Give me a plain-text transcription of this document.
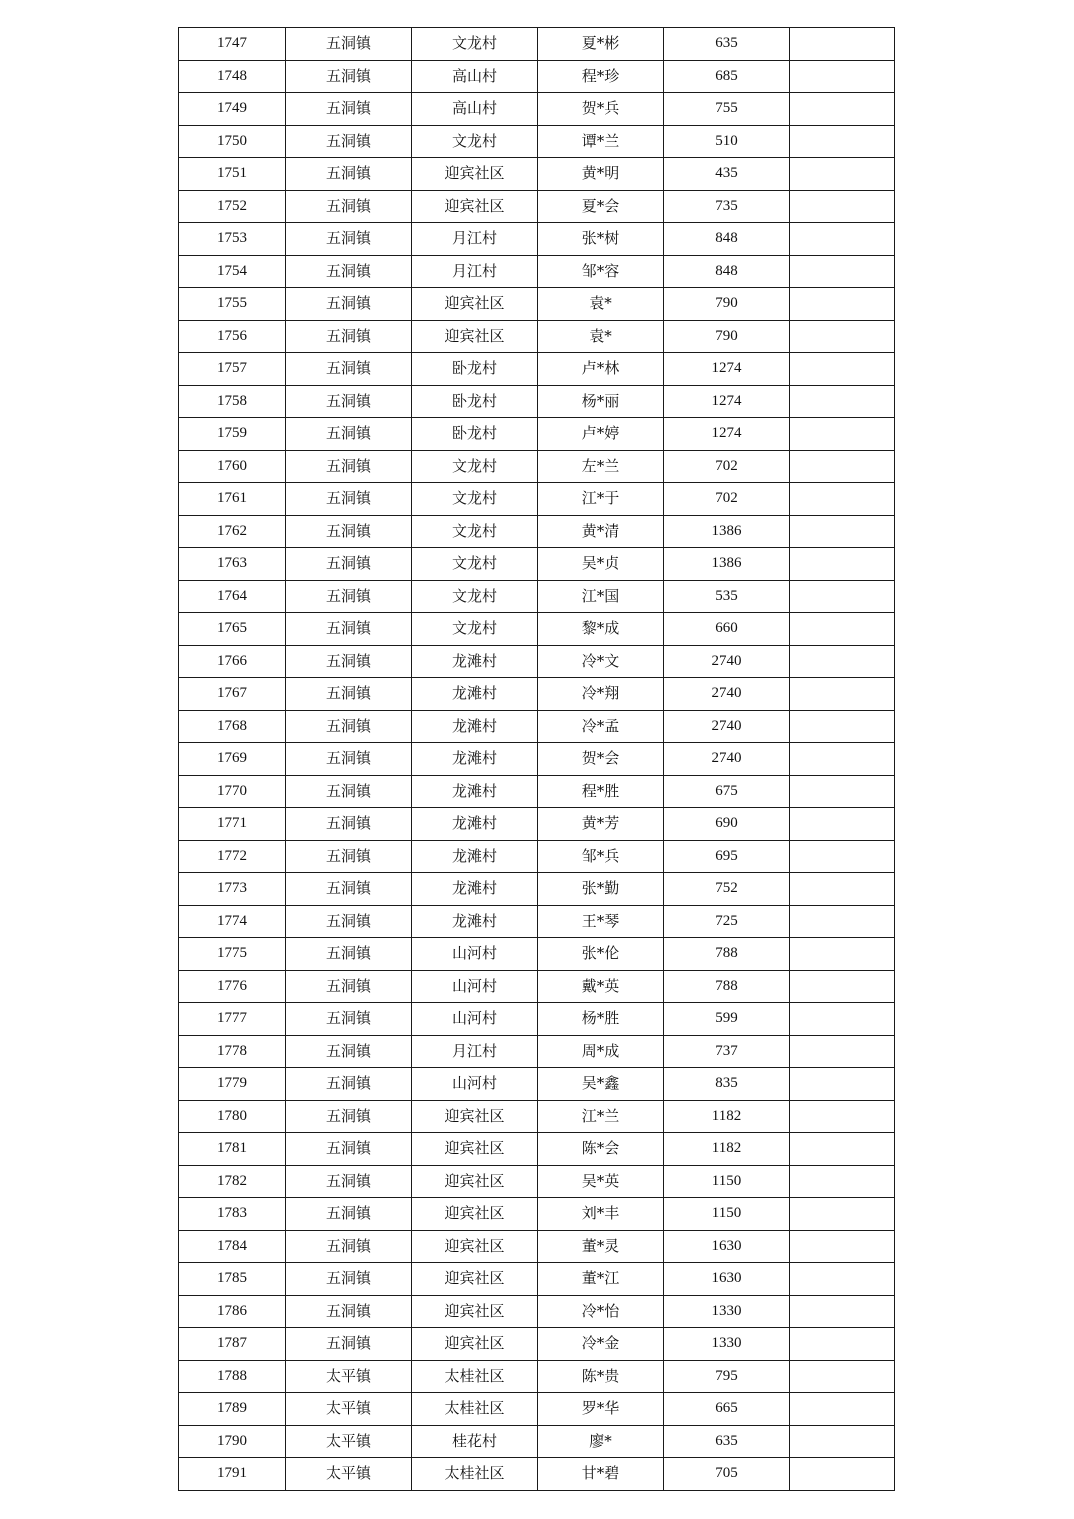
1747	五洞镇	文龙村	夏*彬	635	
1748	五洞镇	高山村	程*珍	685	
1749	五洞镇	高山村	贺*兵	755	
1750	五洞镇	文龙村	谭*兰	510	
1751	五洞镇	迎宾社区	黄*明	435	
1752	五洞镇	迎宾社区	夏*会	735	
1753	五洞镇	月江村	张*树	848	
1754	五洞镇	月江村	邹*容	848	
1755	五洞镇	迎宾社区	袁*	790	
1756	五洞镇	迎宾社区	袁*	790	
1757	五洞镇	卧龙村	卢*林	1274	
1758	五洞镇	卧龙村	杨*丽	1274	
1759	五洞镇	卧龙村	卢*婷	1274	
1760	五洞镇	文龙村	左*兰	702	
1761	五洞镇	文龙村	江*于	702	
1762	五洞镇	文龙村	黄*清	1386	
1763	五洞镇	文龙村	吴*贞	1386	
1764	五洞镇	文龙村	江*国	535	
1765	五洞镇	文龙村	黎*成	660	
1766	五洞镇	龙滩村	冷*文	2740	
1767	五洞镇	龙滩村	冷*翔	2740	
1768	五洞镇	龙滩村	冷*孟	2740	
1769	五洞镇	龙滩村	贺*会	2740	
1770	五洞镇	龙滩村	程*胜	675	
1771	五洞镇	龙滩村	黄*芳	690	
1772	五洞镇	龙滩村	邹*兵	695	
1773	五洞镇	龙滩村	张*勤	752	
1774	五洞镇	龙滩村	王*琴	725	
1775	五洞镇	山河村	张*伦	788	
1776	五洞镇	山河村	戴*英	788	
1777	五洞镇	山河村	杨*胜	599	
1778	五洞镇	月江村	周*成	737	
1779	五洞镇	山河村	吴*鑫	835	
1780	五洞镇	迎宾社区	江*兰	1182	
1781	五洞镇	迎宾社区	陈*会	1182	
1782	五洞镇	迎宾社区	吴*英	1150	
1783	五洞镇	迎宾社区	刘*丰	1150	
1784	五洞镇	迎宾社区	董*灵	1630	
1785	五洞镇	迎宾社区	董*江	1630	
1786	五洞镇	迎宾社区	冷*怡	1330	
1787	五洞镇	迎宾社区	冷*金	1330	
1788	太平镇	太桂社区	陈*贵	795	
1789	太平镇	太桂社区	罗*华	665	
1790	太平镇	桂花村	廖*	635	
1791	太平镇	太桂社区	甘*碧	705	
